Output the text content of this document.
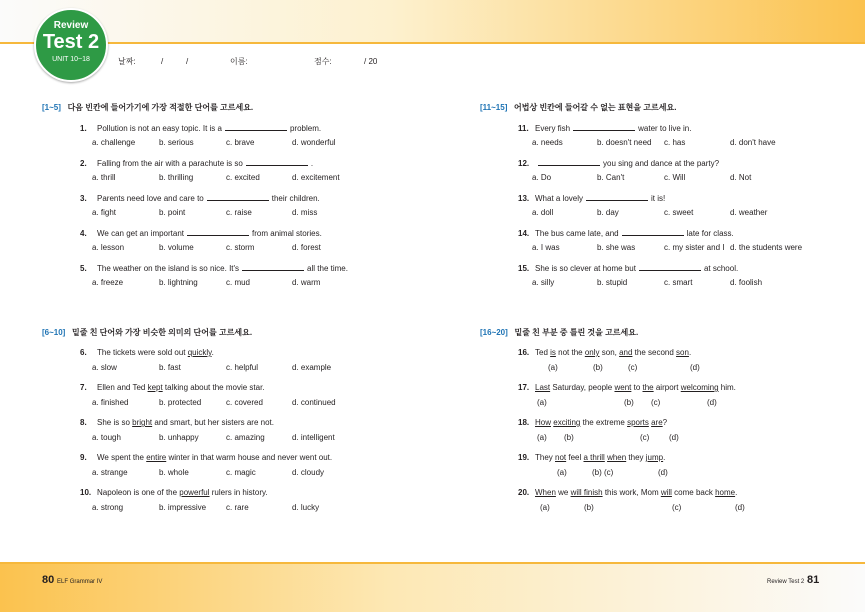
Review
Test 2
UNIT 10~18	날짜:	/	/	이름:	점수:	/ 20
[1~5] 다음 빈칸에 들어가기에 가장 적절한 단어를 고르세요.
[6~10] 밑줄 친 단어와 가장 비슷한 의미의 단어를 고르세요.
[11~15] 어법상 빈칸에 들어갈 수 없는 표현을 고르세요.
[16~20] 밑줄 친 부분 중 틀린 것을 고르세요.
1. Pollution is not an easy topic. It is a	problem.
a. challenge	b. serious	c. brave	d. wonderful
2. Falling from the air with a parachute is so	.
a. thrill	b. thrilling	c. excited	d. excitement
3. Parents need love and care to	their children.
a. fight	b. point	c. raise	d. miss
4. We can get an important	from animal stories.
a. lesson	b. volume	c. storm	d. forest
5. The weather on the island is so nice. It's	all the time.
a. freeze	b. lightning	c. mud	d. warm
6. The tickets were sold out quickly.
a. slow	b. fast	c. helpful	d. example
7. Ellen and Ted kept talking about the movie star.
a. finished	b. protected	c. covered	d. continued
8. She is so bright and smart, but her sisters are not.
a. tough	b. unhappy	c. amazing	d. intelligent
9. We spent the entire winter in that warm house and never went out.
a. strange	b. whole	c. magic	d. cloudy
10. Napoleon is one of the powerful rulers in history.
a. strong	b. impressive c. rare	d. lucky
11. Every fish	water to live in.
a. needs	b. doesn't need c. has	d. don't have
12.	you sing and dance at the party?
a. Do	b. Can't	c. Will	d. Not
13. What a lovely	it is!
a. doll	b. day	c. sweet	d. weather
14. The bus came late, and	late for class.
a. I was	b. she was	c. my sister and I d. the students were
15. She is so clever at home but	at school.
a. silly	b. stupid	c. smart	d. foolish
16. Ted is not the only son, and the second son.
(a)	(b)	(c)	(d)
17. Last Saturday, people went to the airport welcoming him.
(a)	(b) (c)	(d)
18. How exciting the extreme sports are?
(a) (b)	(c) (d)
19. They not feel a thrill when they jump.
(a)	(b) (c)	(d)
20. When we will finish this work, Mom will come back home.
(a)	(b)	(c)	(d)
80 ELF Grammar IV	Review Test 2 81
